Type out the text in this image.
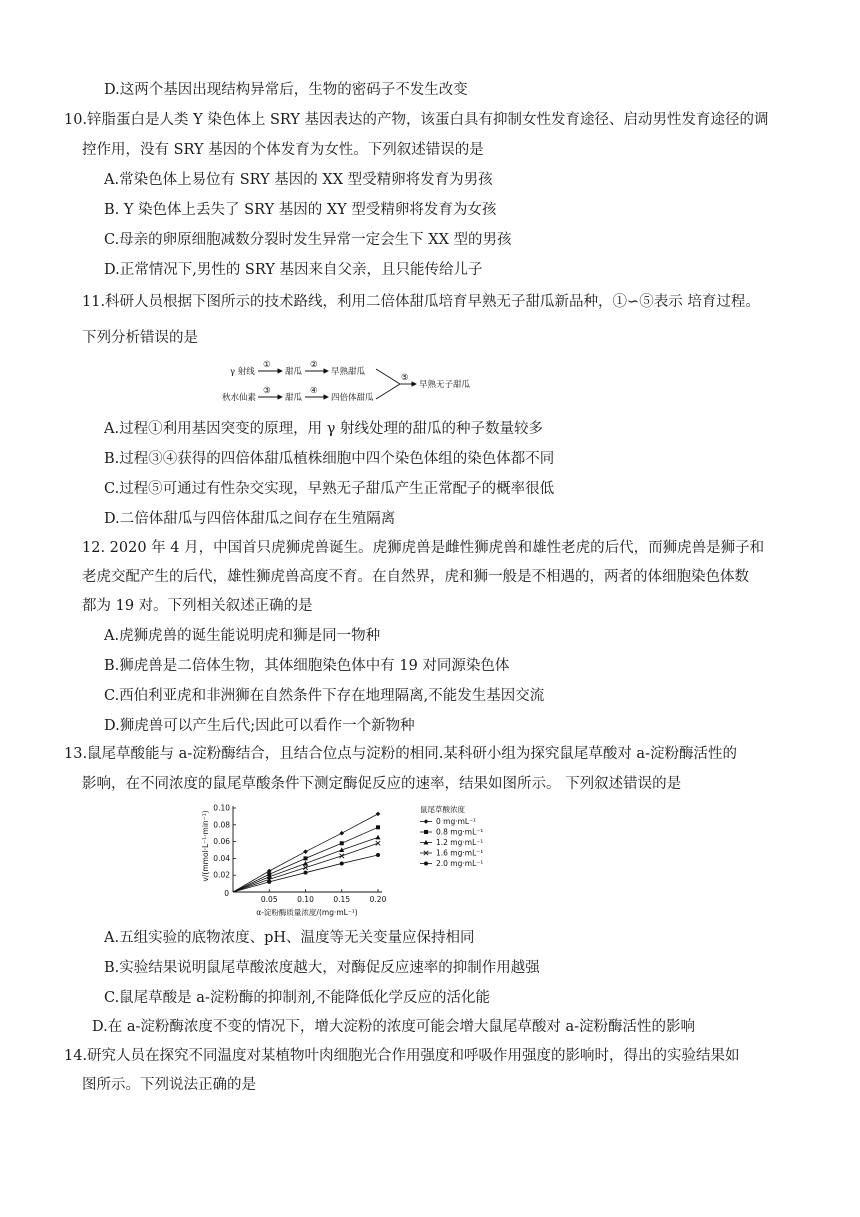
D.这两个基因出现结构异常后，生物的密码子不发生改变
10.锌脂蛋白是人类 Y 染色体上 SRY 基因表达的产物，该蛋白具有抑制女性发育途径、启动男性发育途径的调
控作用，没有 SRY 基因的个体发育为女性。下列叙述错误的是
A.常染色体上易位有 SRY 基因的 XX 型受精卵将发育为男孩
B. Y 染色体上丢失了 SRY 基因的 XY 型受精卵将发育为女孩
C.母亲的卵原细胞减数分裂时发生异常一定会生下 XX 型的男孩
D.正常情况下,男性的 SRY 基因来自父亲，且只能传给儿子
11.科研人员根据下图所示的技术路线，利用二倍体甜瓜培育早熟无子甜瓜新品种，①∽⑤表示 培育过程。
下列分析错误的是
γ 射线
①
甜瓜
②
早熟甜瓜
秋水仙素
③
甜瓜
④
四倍体甜瓜
⑤
早熟无子甜瓜
A.过程①利用基因突变的原理，用 γ 射线处理的甜瓜的种子数量较多
B.过程③④获得的四倍体甜瓜植株细胞中四个染色体组的染色体都不同
C.过程⑤可通过有性杂交实现，早熟无子甜瓜产生正常配子的概率很低
D.二倍体甜瓜与四倍体甜瓜之间存在生殖隔离
12. 2020 年 4 月，中国首只虎狮虎兽诞生。虎狮虎兽是雌性狮虎兽和雄性老虎的后代，而狮虎兽是狮子和
老虎交配产生的后代，雄性狮虎兽高度不育。在自然界，虎和狮一般是不相遇的，两者的体细胞染色体数
都为 19 对。下列相关叙述正确的是
A.虎狮虎兽的诞生能说明虎和狮是同一物种
B.狮虎兽是二倍体生物，其体细胞染色体中有 19 对同源染色体
C.西伯利亚虎和非洲狮在自然条件下存在地理隔离,不能发生基因交流
D.狮虎兽可以产生后代;因此可以看作一个新物种
13.鼠尾草酸能与 a-淀粉酶结合，且结合位点与淀粉的相同.某科研小组为探究鼠尾草酸对 a-淀粉酶活性的
影响，在不同浓度的鼠尾草酸条件下测定酶促反应的速率，结果如图所示。 下列叙述错误的是
0.02
0.04
0.06
0.08
0.10
0
0.05	0.10	0.15	0.20
v/(mmol·L⁻¹·min⁻¹)
α-淀粉酶质量浓度/(mg·mL⁻¹)
鼠尾草酸浓度
0 mg·mL⁻¹
0.8 mg·mL⁻¹
1.2 mg·mL⁻¹
1.6 mg·mL⁻¹
2.0 mg·mL⁻¹
A.五组实验的底物浓度、pH、温度等无关变量应保持相同
B.实验结果说明鼠尾草酸浓度越大，对酶促反应速率的抑制作用越强
C.鼠尾草酸是 a-淀粉酶的抑制剂,不能降低化学反应的活化能
D.在 a-淀粉酶浓度不变的情况下，增大淀粉的浓度可能会增大鼠尾草酸对 a-淀粉酶活性的影响
14.研究人员在探究不同温度对某植物叶肉细胞光合作用强度和呼吸作用强度的影响时，得出的实验结果如
图所示。下列说法正确的是
